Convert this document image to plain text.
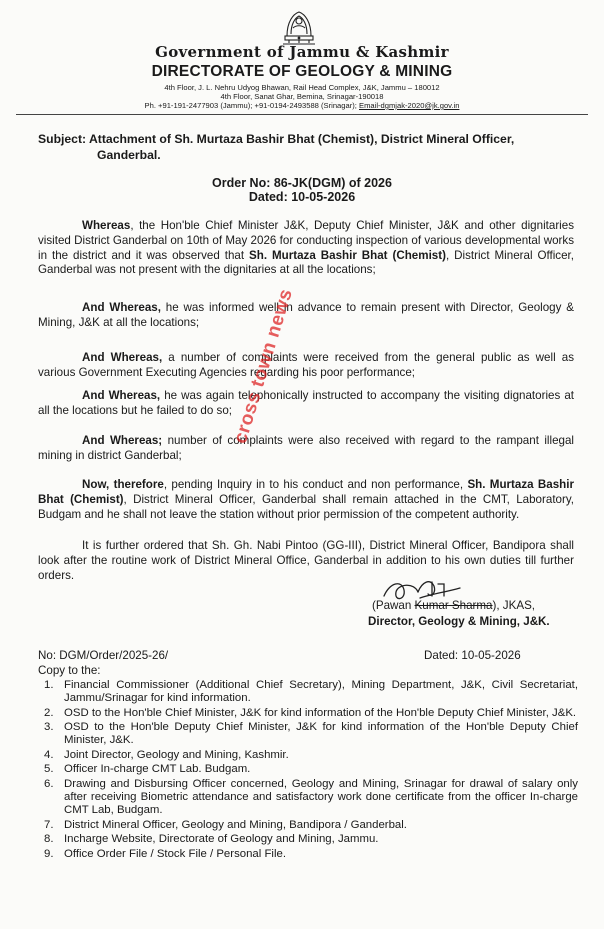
Government of Jammu & Kashmir
DIRECTORATE OF GEOLOGY & MINING
4th Floor, J. L. Nehru Udyog Bhawan, Rail Head Complex, J&K, Jammu – 180012
4th Floor, Sanat Ghar, Bemina, Srinagar-190018
Ph. +91-191-2477903 (Jammu); +91-0194-2493588 (Srinagar); Email-dgmjak-2020@jk.gov.in
Subject: Attachment of Sh. Murtaza Bashir Bhat (Chemist), District Mineral Officer,
Ganderbal.
Order No: 86-JK(DGM) of 2026
Dated: 10-05-2026
Whereas, the Hon'ble Chief Minister J&K, Deputy Chief Minister, J&K and other dignitaries visited District Ganderbal on 10th of May 2026 for conducting inspection of various developmental works in the district and it was observed that Sh. Murtaza Bashir Bhat (Chemist), District Mineral Officer, Ganderbal was not present with the dignitaries at all the locations;
And Whereas, he was informed well in advance to remain present with Director, Geology & Mining, J&K at all the locations;
And Whereas, a number of complaints were received from the general public as well as various Government Executing Agencies regarding his poor performance;
And Whereas, he was again telephonically instructed to accompany the visiting dignatories at all the locations but he failed to do so;
And Whereas; number of complaints were also received with regard to the rampant illegal mining in district Ganderbal;
Now, therefore, pending Inquiry in to his conduct and non performance, Sh. Murtaza Bashir Bhat (Chemist), District Mineral Officer, Ganderbal shall remain attached in the CMT, Laboratory, Budgam and he shall not leave the station without prior permission of the competent authority.
It is further ordered that Sh. Gh. Nabi Pintoo (GG-III), District Mineral Officer, Bandipora shall look after the routine work of District Mineral Office, Ganderbal in addition to his own duties till further orders.
(Pawan Kumar Sharma), JKAS,
Director, Geology & Mining, J&K.
No: DGM/Order/2025-26/	Dated: 10-05-2026
Copy to the:
1. Financial Commissioner (Additional Chief Secretary), Mining Department, J&K, Civil Secretariat, Jammu/Srinagar for kind information.
2. OSD to the Hon'ble Chief Minister, J&K for kind information of the Hon'ble Deputy Chief Minister, J&K.
3. OSD to the Hon'ble Deputy Chief Minister, J&K for kind information of the Hon'ble Deputy Chief Minister, J&K.
4. Joint Director, Geology and Mining, Kashmir.
5. Officer In-charge CMT Lab. Budgam.
6. Drawing and Disbursing Officer concerned, Geology and Mining, Srinagar for drawal of salary only after receiving Biometric attendance and satisfactory work done certificate from the officer In-charge CMT Lab, Budgam.
7. District Mineral Officer, Geology and Mining, Bandipora / Ganderbal.
8. Incharge Website, Directorate of Geology and Mining, Jammu.
9. Office Order File / Stock File / Personal File.
cross town news
